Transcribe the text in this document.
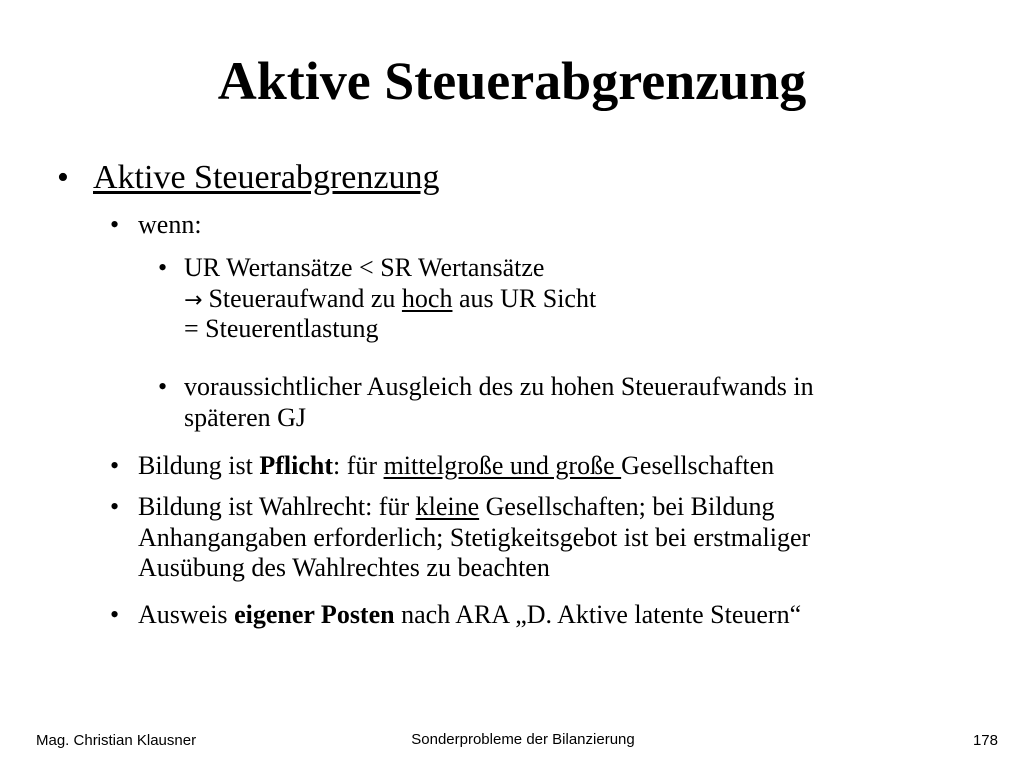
Aktive Steuerabgrenzung
• Aktive Steuerabgrenzung
• wenn:
• UR Wertansätze < SR Wertansätze
→ Steueraufwand zu hoch aus UR Sicht
= Steuerentlastung
• voraussichtlicher Ausgleich des zu hohen Steueraufwands in
späteren GJ
• Bildung ist Pflicht: für mittelgroße und große Gesellschaften
• Bildung ist Wahlrecht: für kleine Gesellschaften; bei Bildung
Anhangangaben erforderlich; Stetigkeitsgebot ist bei erstmaliger
Ausübung des Wahlrechtes zu beachten
• Ausweis eigener Posten nach ARA „D. Aktive latente Steuern“
Mag. Christian Klausner	Sonderprobleme der Bilanzierung	178
